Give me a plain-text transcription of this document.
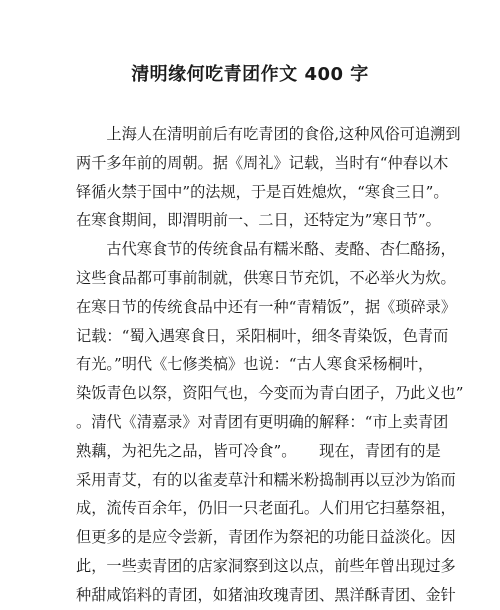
清明缘何吃青团作文 400 字
　　上海人在清明前后有吃青团的食俗,这种风俗可追溯到
两千多年前的周朝。据《周礼》记载，当时有“仲春以木
铎循火禁于国中”的法规，于是百姓熄炊，“寒食三日”。
在寒食期间，即渭明前一、二日，还特定为”寒日节”。
　　古代寒食节的传统食品有糯米酪、麦酪、杏仁酪扬，
这些食品都可事前制就，供寒日节充饥，不必举火为炊。
在寒日节的传统食品中还有一种“青精饭”，据《琐碎录》
记载：“蜀入遇寒食日，采阳桐叶，细冬青染饭，色青而
有光。”明代《七修类槁》也说：“古人寒食采杨桐叶，
染饭青色以祭，资阳气也，今变而为青白团子，乃此义也”
。清代《清嘉录》对青团有更明确的解释：“市上卖青团
熟藕，为祀先之品，皆可冷食”。　　现在，青团有的是
采用青艾，有的以雀麦草汁和糯米粉捣制再以豆沙为馅而
成，流传百余年，仍旧一只老面孔。人们用它扫墓祭祖，
但更多的是应令尝新，青团作为祭祀的功能日益淡化。因
此，一些卖青团的店家洞察到这以点，前些年曾出现过多
种甜咸馅料的青团，如猪油玫瑰青团、黑洋酥青团、金针
